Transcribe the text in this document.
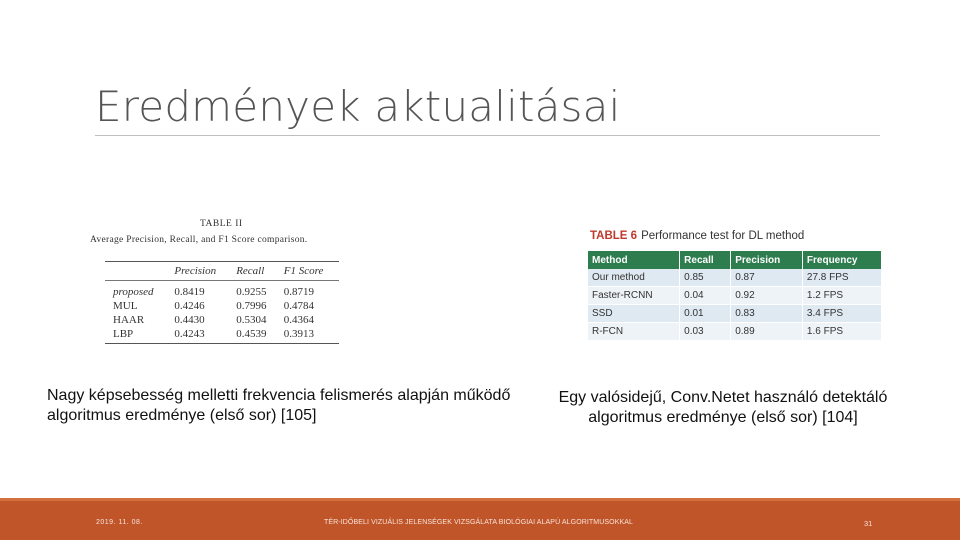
Eredmények aktualitásai
TABLE II
Average Precision, Recall, and F1 Score comparison.
	Precision	Recall	F1 Score
proposed	0.8419	0.9255	0.8719
MUL	0.4246	0.7996	0.4784
HAAR	0.4430	0.5304	0.4364
LBP	0.4243	0.4539	0.3913
TABLE 6 Performance test for DL method
Method	Recall	Precision	Frequency
Our method	0.85	0.87	27.8 FPS
Faster-RCNN	0.04	0.92	1.2 FPS
SSD	0.01	0.83	3.4 FPS
R-FCN	0.03	0.89	1.6 FPS
Nagy képsebesség melletti frekvencia felismerés alapján működő algoritmus eredménye (első sor) [105]
Egy valósidejű, Conv.Netet használó detektáló algoritmus eredménye (első sor) [104]
2019. 11. 08.	TÉR-IDŐBELI VIZUÁLIS JELENSÉGEK VIZSGÁLATA BIOLÓGIAI ALAPÚ ALGORITMUSOKKAL	31
